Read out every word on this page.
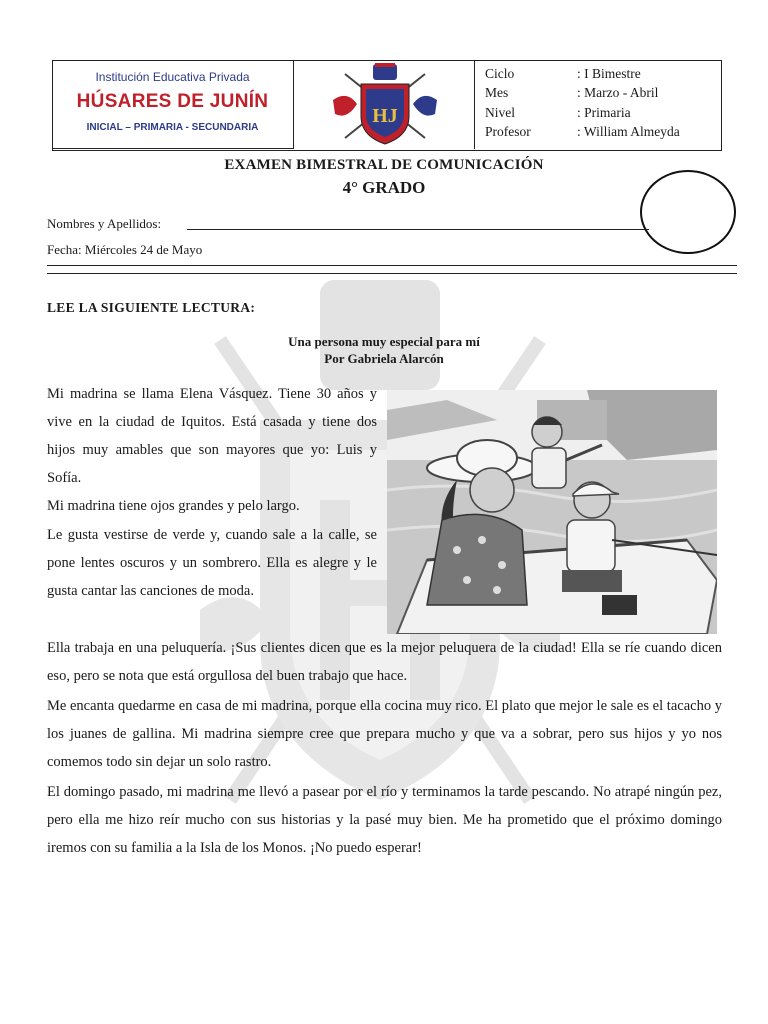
Institución Educativa Privada
HÚSARES DE JUNÍN
INICIAL – PRIMARIA - SECUNDARIA
HJ
Ciclo	: I Bimestre
Mes	: Marzo - Abril
Nivel	: Primaria
Profesor	: William Almeyda
EXAMEN BIMESTRAL DE COMUNICACIÓN
4° GRADO
Nombres y Apellidos:
Fecha: Miércoles 24 de Mayo
LEE LA SIGUIENTE LECTURA:
Una persona muy especial para mí
Por Gabriela Alarcón

Mi madrina se llama Elena Vásquez. Tiene 30 años y vive en la ciudad de Iquitos. Está casada y tiene dos hijos muy amables que son mayores que yo: Luis y Sofía.

Mi madrina tiene ojos grandes y pelo largo.

Le gusta vestirse de verde y, cuando sale a la calle, se pone lentes oscuros y un sombrero. Ella es alegre y le gusta cantar las canciones de moda.

Ella trabaja en una peluquería. ¡Sus clientes dicen que es la mejor peluquera de la ciudad! Ella se ríe cuando dicen eso, pero se nota que está orgullosa del buen trabajo que hace.

Me encanta quedarme en casa de mi madrina, porque ella cocina muy rico. El plato que mejor le sale es el tacacho y los juanes de gallina. Mi madrina siempre cree que prepara mucho y que va a sobrar, pero sus hijos y yo nos comemos todo sin dejar un solo rastro.

El domingo pasado, mi madrina me llevó a pasear por el río y terminamos la tarde pescando. No atrapé ningún pez, pero ella me hizo reír mucho con sus historias y la pasé muy bien. Me ha prometido que el próximo domingo iremos con su familia a la Isla de los Monos. ¡No puedo esperar!
